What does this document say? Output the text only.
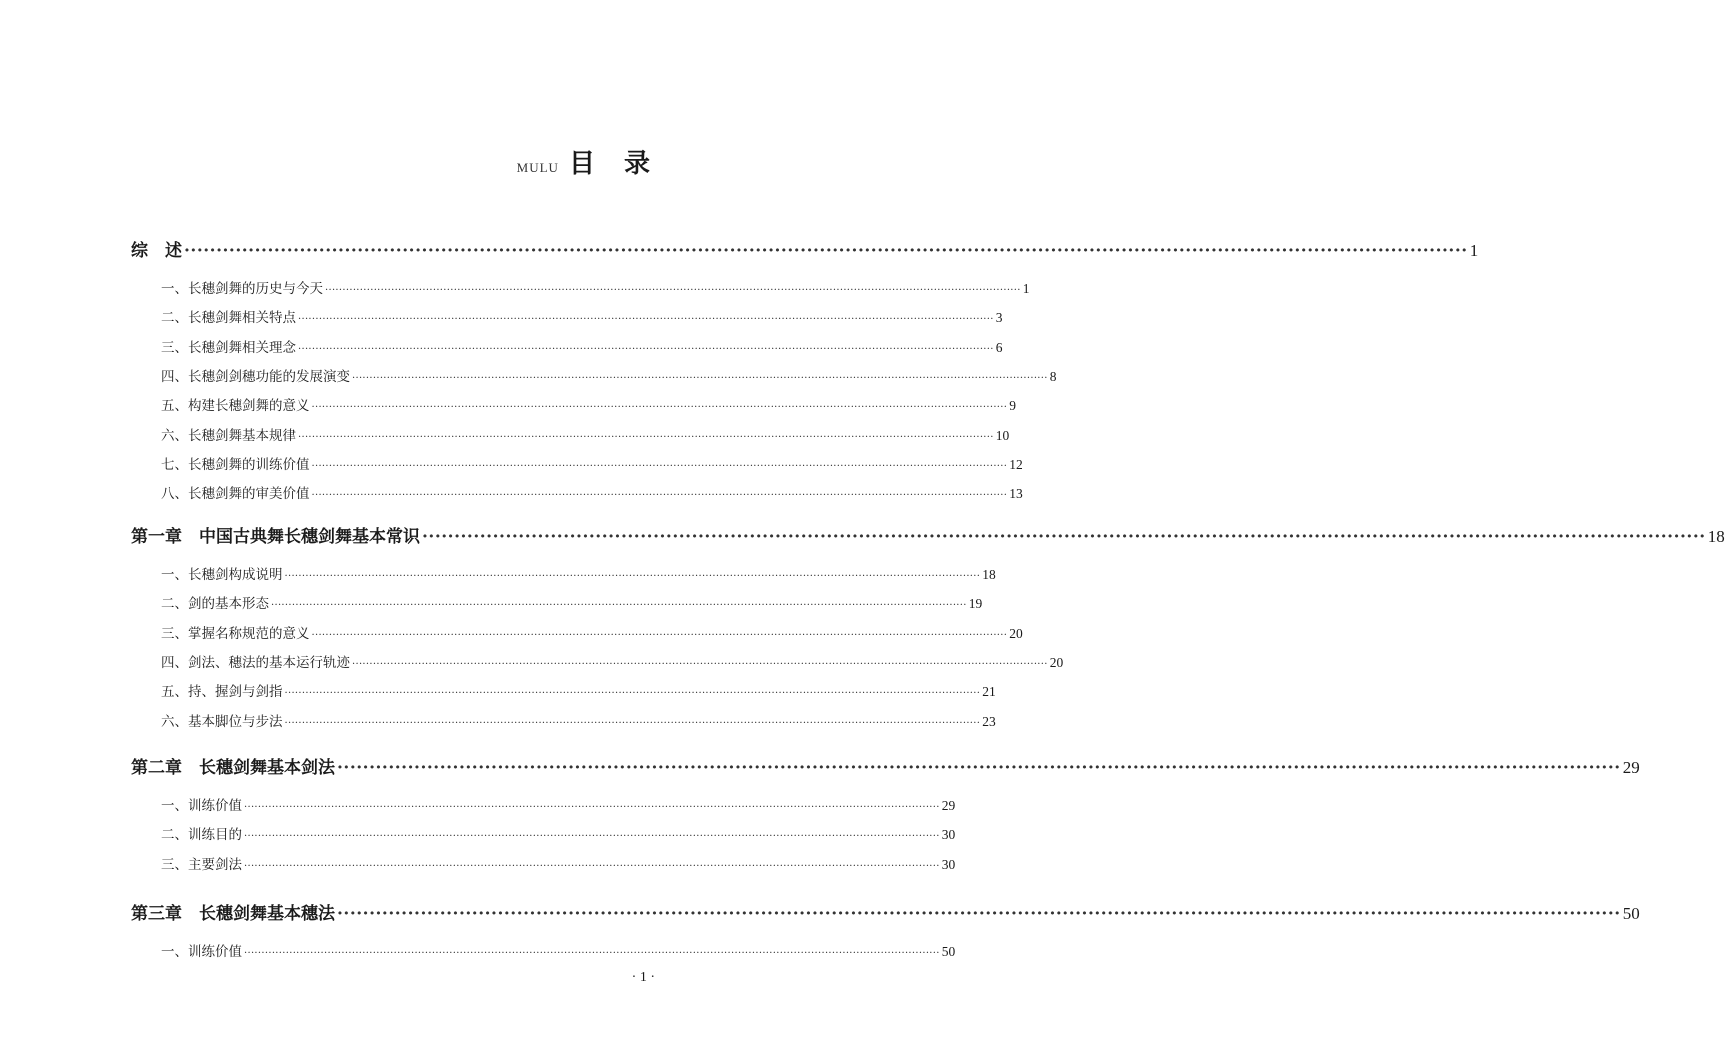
MULU 目 录
综　述 ········································································································································································································ 1
一、长穗剑舞的历史与今天 ········································································································································································································ 1
二、长穗剑舞相关特点 ········································································································································································································ 3
三、长穗剑舞相关理念 ········································································································································································································ 6
四、长穗剑剑穗功能的发展演变 ········································································································································································································ 8
五、构建长穗剑舞的意义 ········································································································································································································ 9
六、长穗剑舞基本规律 ········································································································································································································ 10
七、长穗剑舞的训练价值 ········································································································································································································ 12
八、长穗剑舞的审美价值 ········································································································································································································ 13
第一章　中国古典舞长穗剑舞基本常识 ········································································································································································································ 18
一、长穗剑构成说明 ········································································································································································································ 18
二、剑的基本形态 ········································································································································································································ 19
三、掌握名称规范的意义 ········································································································································································································ 20
四、剑法、穗法的基本运行轨迹 ········································································································································································································ 20
五、持、握剑与剑指 ········································································································································································································ 21
六、基本脚位与步法 ········································································································································································································ 23
第二章　长穗剑舞基本剑法 ········································································································································································································ 29
一、训练价值 ········································································································································································································ 29
二、训练目的 ········································································································································································································ 30
三、主要剑法 ········································································································································································································ 30
第三章　长穗剑舞基本穗法 ········································································································································································································ 50
一、训练价值 ········································································································································································································ 50
· 1 ·
